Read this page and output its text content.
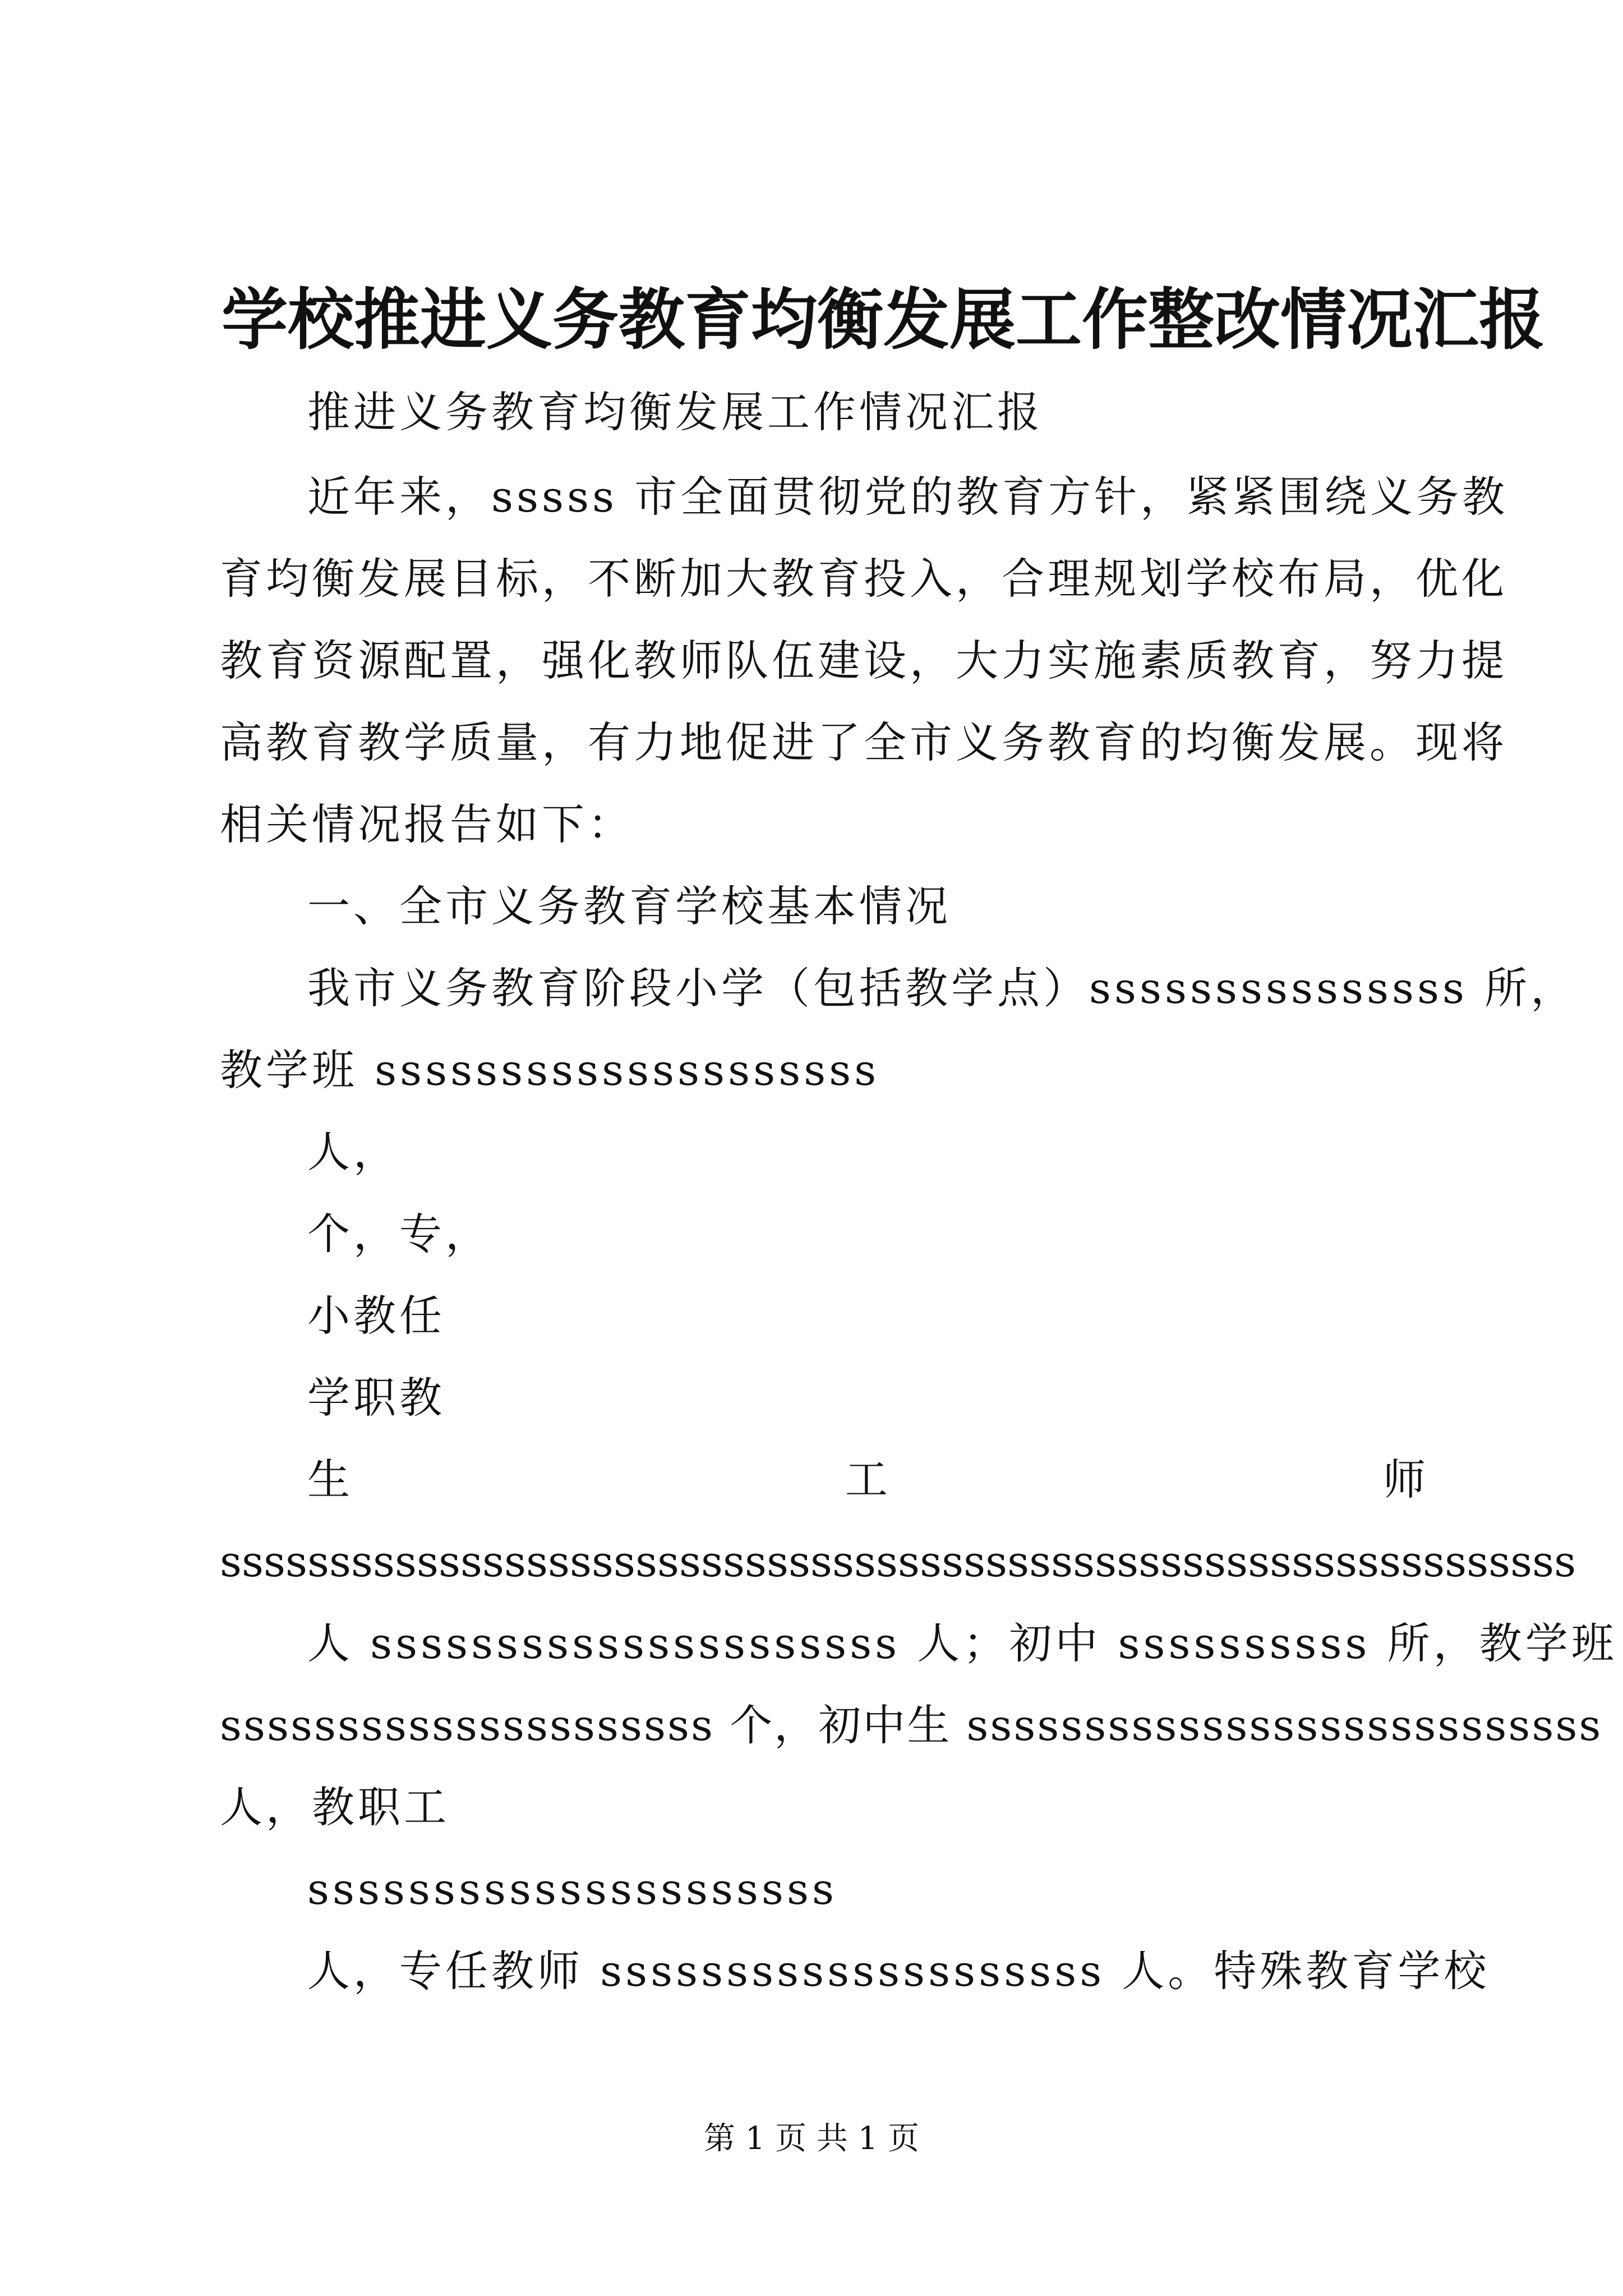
学校推进义务教育均衡发展工作整改情况汇报
推进义务教育均衡发展工作情况汇报
近年来，sssss 市全面贯彻党的教育方针，紧紧围绕义务教
育均衡发展目标，不断加大教育投入，合理规划学校布局，优化
教育资源配置，强化教师队伍建设，大力实施素质教育，努力提
高教育教学质量，有力地促进了全市义务教育的均衡发展。现将
相关情况报告如下：
一、全市义务教育学校基本情况
我市义务教育阶段小学（包括教学点）sssssssssssssss 所，
教学班 ssssssssssssssssssss
人，
个，专，
小教任
学职教
生	工	师
ssssssssssssssssssssssssssssssssssssssssssssssssssssssssssssss
人 sssssssssssssssssssss 人；初中 ssssssssss 所，教学班
sssssssssssssssssssss 个，初中生 sssssssssssssssssssssssssss
人，教职工
sssssssssssssssssssss
人，专任教师 ssssssssssssssssssss 人。特殊教育学校
第 1 页 共 1 页
